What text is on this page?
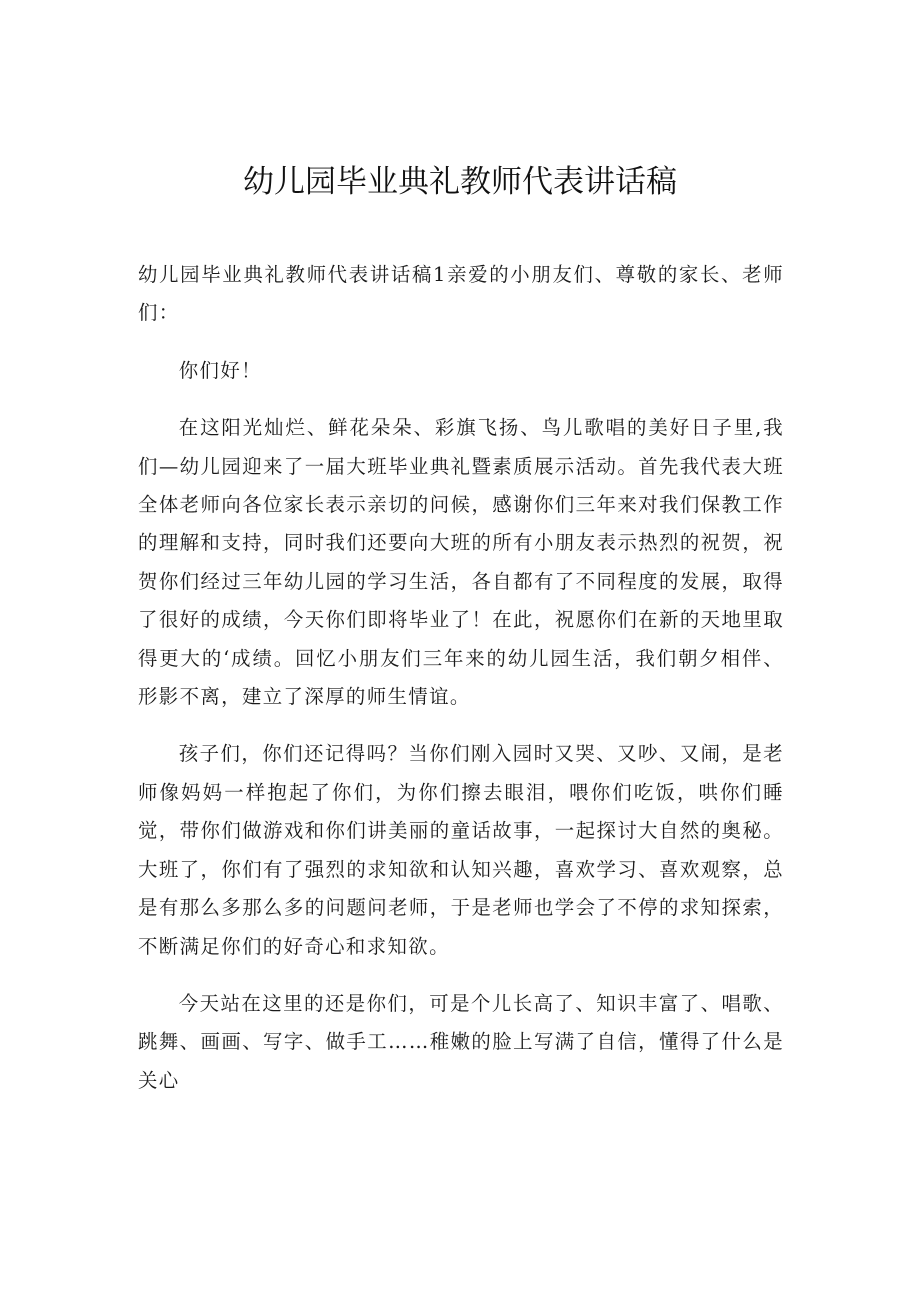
幼儿园毕业典礼教师代表讲话稿

幼儿园毕业典礼教师代表讲话稿1亲爱的小朋友们、尊敬的家长、老师们：

你们好！

在这阳光灿烂、鲜花朵朵、彩旗飞扬、鸟儿歌唱的美好日子里,我们—幼儿园迎来了一届大班毕业典礼暨素质展示活动。首先我代表大班全体老师向各位家长表示亲切的问候，感谢你们三年来对我们保教工作的理解和支持，同时我们还要向大班的所有小朋友表示热烈的祝贺，祝贺你们经过三年幼儿园的学习生活，各自都有了不同程度的发展，取得了很好的成绩，今天你们即将毕业了！在此，祝愿你们在新的天地里取得更大的‘成绩。回忆小朋友们三年来的幼儿园生活，我们朝夕相伴、形影不离，建立了深厚的师生情谊。

孩子们，你们还记得吗？当你们刚入园时又哭、又吵、又闹，是老师像妈妈一样抱起了你们，为你们擦去眼泪，喂你们吃饭，哄你们睡觉，带你们做游戏和你们讲美丽的童话故事，一起探讨大自然的奥秘。大班了，你们有了强烈的求知欲和认知兴趣，喜欢学习、喜欢观察，总是有那么多那么多的问题问老师，于是老师也学会了不停的求知探索，不断满足你们的好奇心和求知欲。

今天站在这里的还是你们，可是个儿长高了、知识丰富了、唱歌、跳舞、画画、写字、做手工……稚嫩的脸上写满了自信，懂得了什么是关心
